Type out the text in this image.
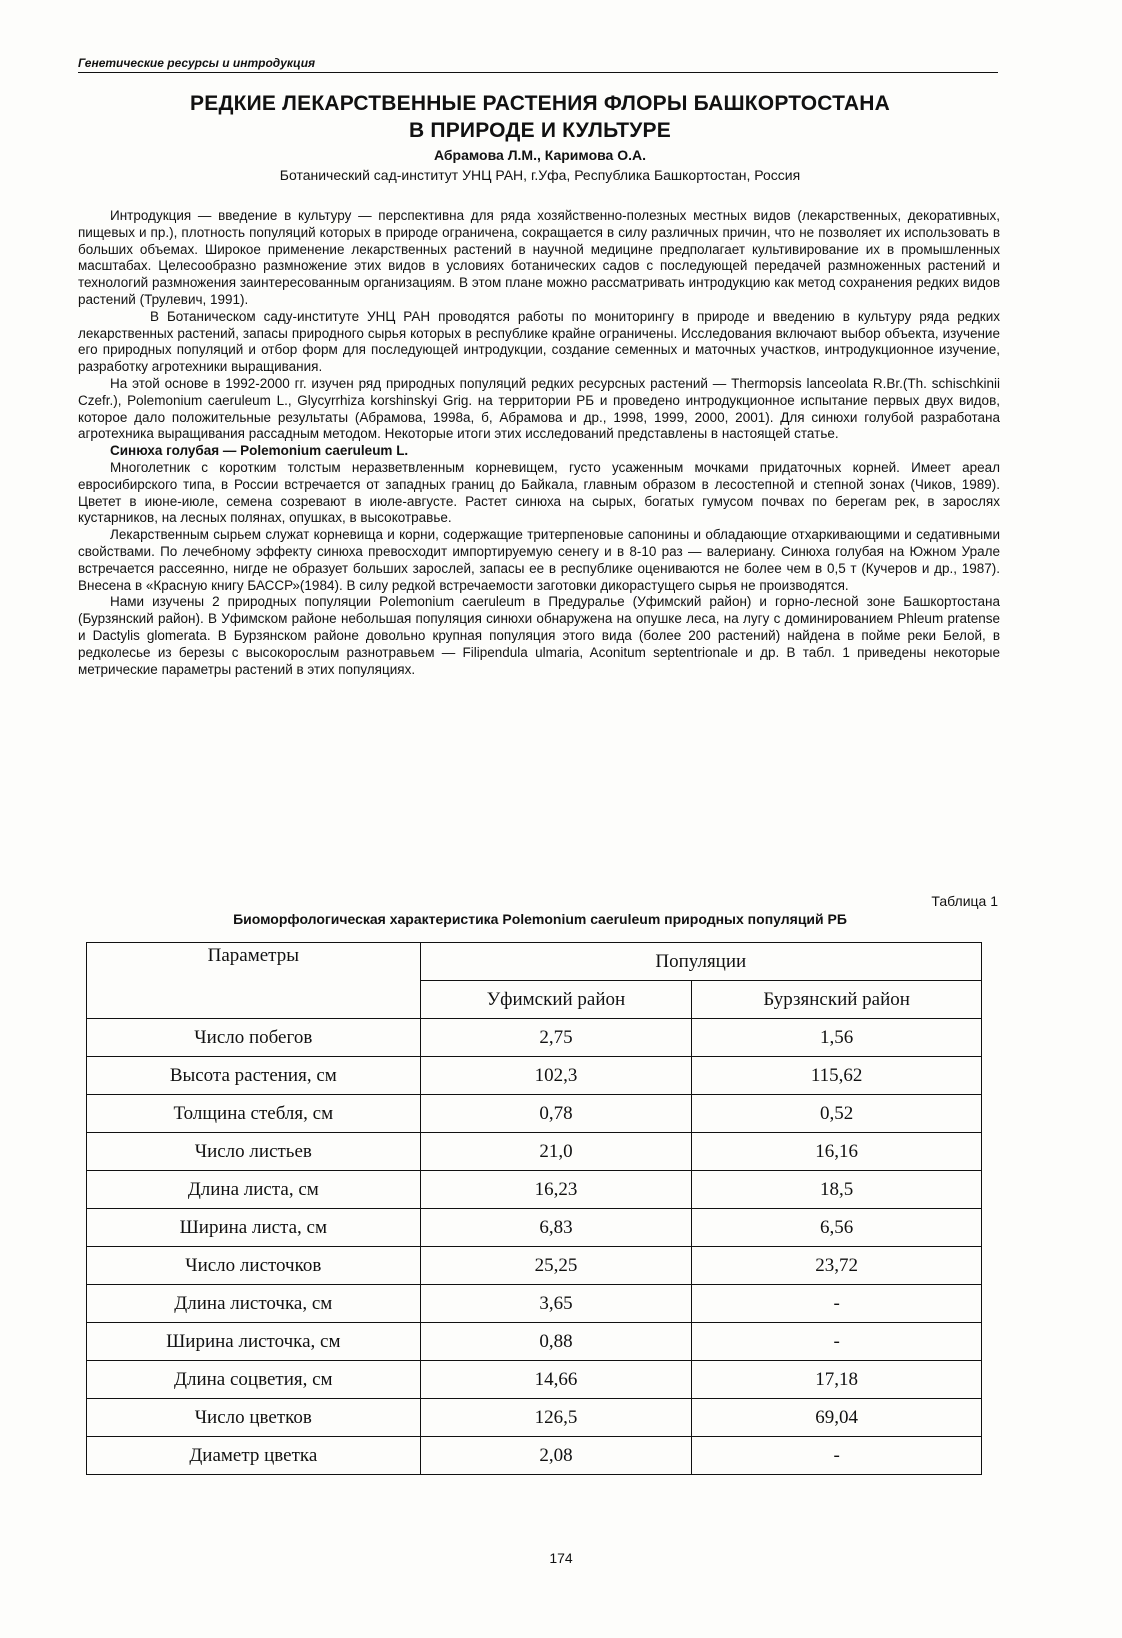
Генетические ресурсы и интродукция
РЕДКИЕ ЛЕКАРСТВЕННЫЕ РАСТЕНИЯ ФЛОРЫ БАШКОРТОСТАНА
В ПРИРОДЕ И КУЛЬТУРЕ
Абрамова Л.М., Каримова О.А.
Ботанический сад-институт УНЦ РАН, г.Уфа, Республика Башкортостан, Россия

Интродукция — введение в культуру — перспективна для ряда хозяйственно-полезных местных видов (лекарственных, декоративных, пищевых и пр.), плотность популяций которых в природе ограничена, сокращается в силу различных причин, что не позволяет их использовать в больших объемах. Широкое применение лекарственных растений в научной медицине предполагает культивирование их в промышленных масштабах. Целесообразно размножение этих видов в условиях ботанических садов с последующей передачей размноженных растений и технологий размножения заинтересованным организациям. В этом плане можно рассматривать интродукцию как метод сохранения редких видов растений (Трулевич, 1991).

В Ботаническом саду-институте УНЦ РАН проводятся работы по мониторингу в природе и введению в культуру ряда редких лекарственных растений, запасы природного сырья которых в республике крайне ограничены. Исследования включают выбор объекта, изучение его природных популяций и отбор форм для последующей интродукции, создание семенных и маточных участков, интродукционное изучение, разработку агротехники выращивания.

На этой основе в 1992-2000 гг. изучен ряд природных популяций редких ресурсных растений — Thermopsis lanceolata R.Br.(Th. schischkinii Czefr.), Polemonium caeruleum L., Glycyrrhiza korshinskyi Grig. на территории РБ и проведено интродукционное испытание первых двух видов, которое дало положительные результаты (Абрамова, 1998а, б, Абрамова и др., 1998, 1999, 2000, 2001). Для синюхи голубой разработана агротехника выращивания рассадным методом. Некоторые итоги этих исследований представлены в настоящей статье.

Синюха голубая — Polemonium caeruleum L.

Многолетник с коротким толстым неразветвленным корневищем, густо усаженным мочками придаточных корней. Имеет ареал евросибирского типа, в России встречается от западных границ до Байкала, главным образом в лесостепной и степной зонах (Чиков, 1989). Цветет в июне-июле, семена созревают в июле-августе. Растет синюха на сырых, богатых гумусом почвах по берегам рек, в зарослях кустарников, на лесных полянах, опушках, в высокотравье.

Лекарственным сырьем служат корневища и корни, содержащие тритерпеновые сапонины и обладающие отхаркивающими и седативными свойствами. По лечебному эффекту синюха превосходит импортируемую сенегу и в 8-10 раз — валериану. Синюха голубая на Южном Урале встречается рассеянно, нигде не образует больших зарослей, запасы ее в республике оцениваются не более чем в 0,5 т (Кучеров и др., 1987). Внесена в «Красную книгу БАССР»(1984). В силу редкой встречаемости заготовки дикорастущего сырья не производятся.

Нами изучены 2 природных популяции Polemonium caeruleum в Предуралье (Уфимский район) и горно-лесной зоне Башкортостана (Бурзянский район). В Уфимском районе небольшая популяция синюхи обнаружена на опушке леса, на лугу с доминированием Phleum pratense и Dactylis glomerata. В Бурзянском районе довольно крупная популяция этого вида (более 200 растений) найдена в пойме реки Белой, в редколесье из березы с высокорослым разнотравьем — Filipendula ulmaria, Aconitum septentrionale и др. В табл. 1 приведены некоторые метрические параметры растений в этих популяциях.

Таблица 1
Биоморфологическая характеристика Polemonium caeruleum природных популяций РБ
Параметры	Популяции	
	Уфимский район	Бурзянский район
Число побегов	2,75	1,56
Высота растения, см	102,3	115,62
Толщина стебля, см	0,78	0,52
Число листьев	21,0	16,16
Длина листа, см	16,23	18,5
Ширина листа, см	6,83	6,56
Число листочков	25,25	23,72
Длина листочка, см	3,65	-
Ширина листочка, см	0,88	-
Длина соцветия, см	14,66	17,18
Число цветков	126,5	69,04
Диаметр цветка	2,08	-
174
